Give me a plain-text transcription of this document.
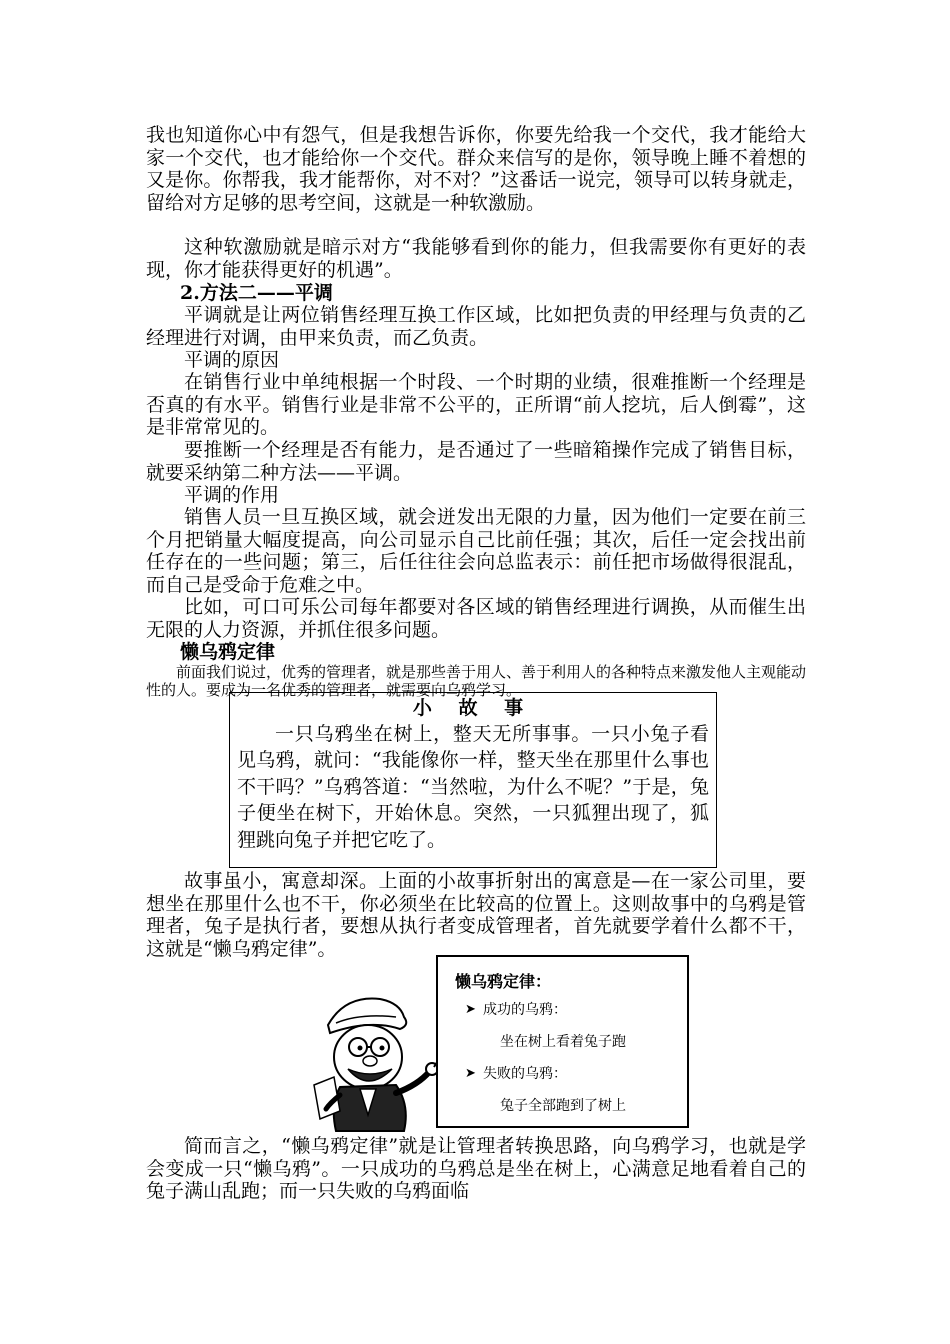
我也知道你心中有怨气，但是我想告诉你，你要先给我一个交代，我才能给大家一个交代，也才能给你一个交代。群众来信写的是你，领导晚上睡不着想的又是你。你帮我，我才能帮你，对不对？”这番话一说完，领导可以转身就走，留给对方足够的思考空间，这就是一种软激励。

这种软激励就是暗示对方“我能够看到你的能力，但我需要你有更好的表现，你才能获得更好的机遇”。

2.方法二——平调

平调就是让两位销售经理互换工作区域，比如把负责的甲经理与负责的乙经理进行对调，由甲来负责，而乙负责。

平调的原因

在销售行业中单纯根据一个时段、一个时期的业绩，很难推断一个经理是否真的有水平。销售行业是非常不公平的，正所谓“前人挖坑，后人倒霉”，这是非常常见的。

要推断一个经理是否有能力，是否通过了一些暗箱操作完成了销售目标，就要采纳第二种方法——平调。

平调的作用

销售人员一旦互换区域，就会迸发出无限的力量，因为他们一定要在前三个月把销量大幅度提高，向公司显示自己比前任强；其次，后任一定会找出前任存在的一些问题；第三，后任往往会向总监表示：前任把市场做得很混乱，而自己是受命于危难之中。

比如，可口可乐公司每年都要对各区域的销售经理进行调换，从而催生出无限的人力资源，并抓住很多问题。

懒乌鸦定律

前面我们说过，优秀的管理者，就是那些善于用人、善于利用人的各种特点来激发他人主观能动性的人。要成为一名优秀的管理者，就需要向乌鸦学习。

小 故 事

一只乌鸦坐在树上，整天无所事事。一只小兔子看见乌鸦，就问：“我能像你一样，整天坐在那里什么事也不干吗？”乌鸦答道：“当然啦，为什么不呢？”于是，兔子便坐在树下，开始休息。突然，一只狐狸出现了，狐狸跳向兔子并把它吃了。

故事虽小，寓意却深。上面的小故事折射出的寓意是—在一家公司里，要想坐在那里什么也不干，你必须坐在比较高的位置上。这则故事中的乌鸦是管理者，兔子是执行者，要想从执行者变成管理者，首先就要学着什么都不干，这就是“懒乌鸦定律”。

懒乌鸦定律：

➤ 成功的乌鸦：

坐在树上看着兔子跑

➤ 失败的乌鸦：

兔子全部跑到了树上

简而言之，“懒乌鸦定律”就是让管理者转换思路，向乌鸦学习，也就是学会变成一只“懒乌鸦”。一只成功的乌鸦总是坐在树上，心满意足地看着自己的兔子满山乱跑；而一只失败的乌鸦面临
